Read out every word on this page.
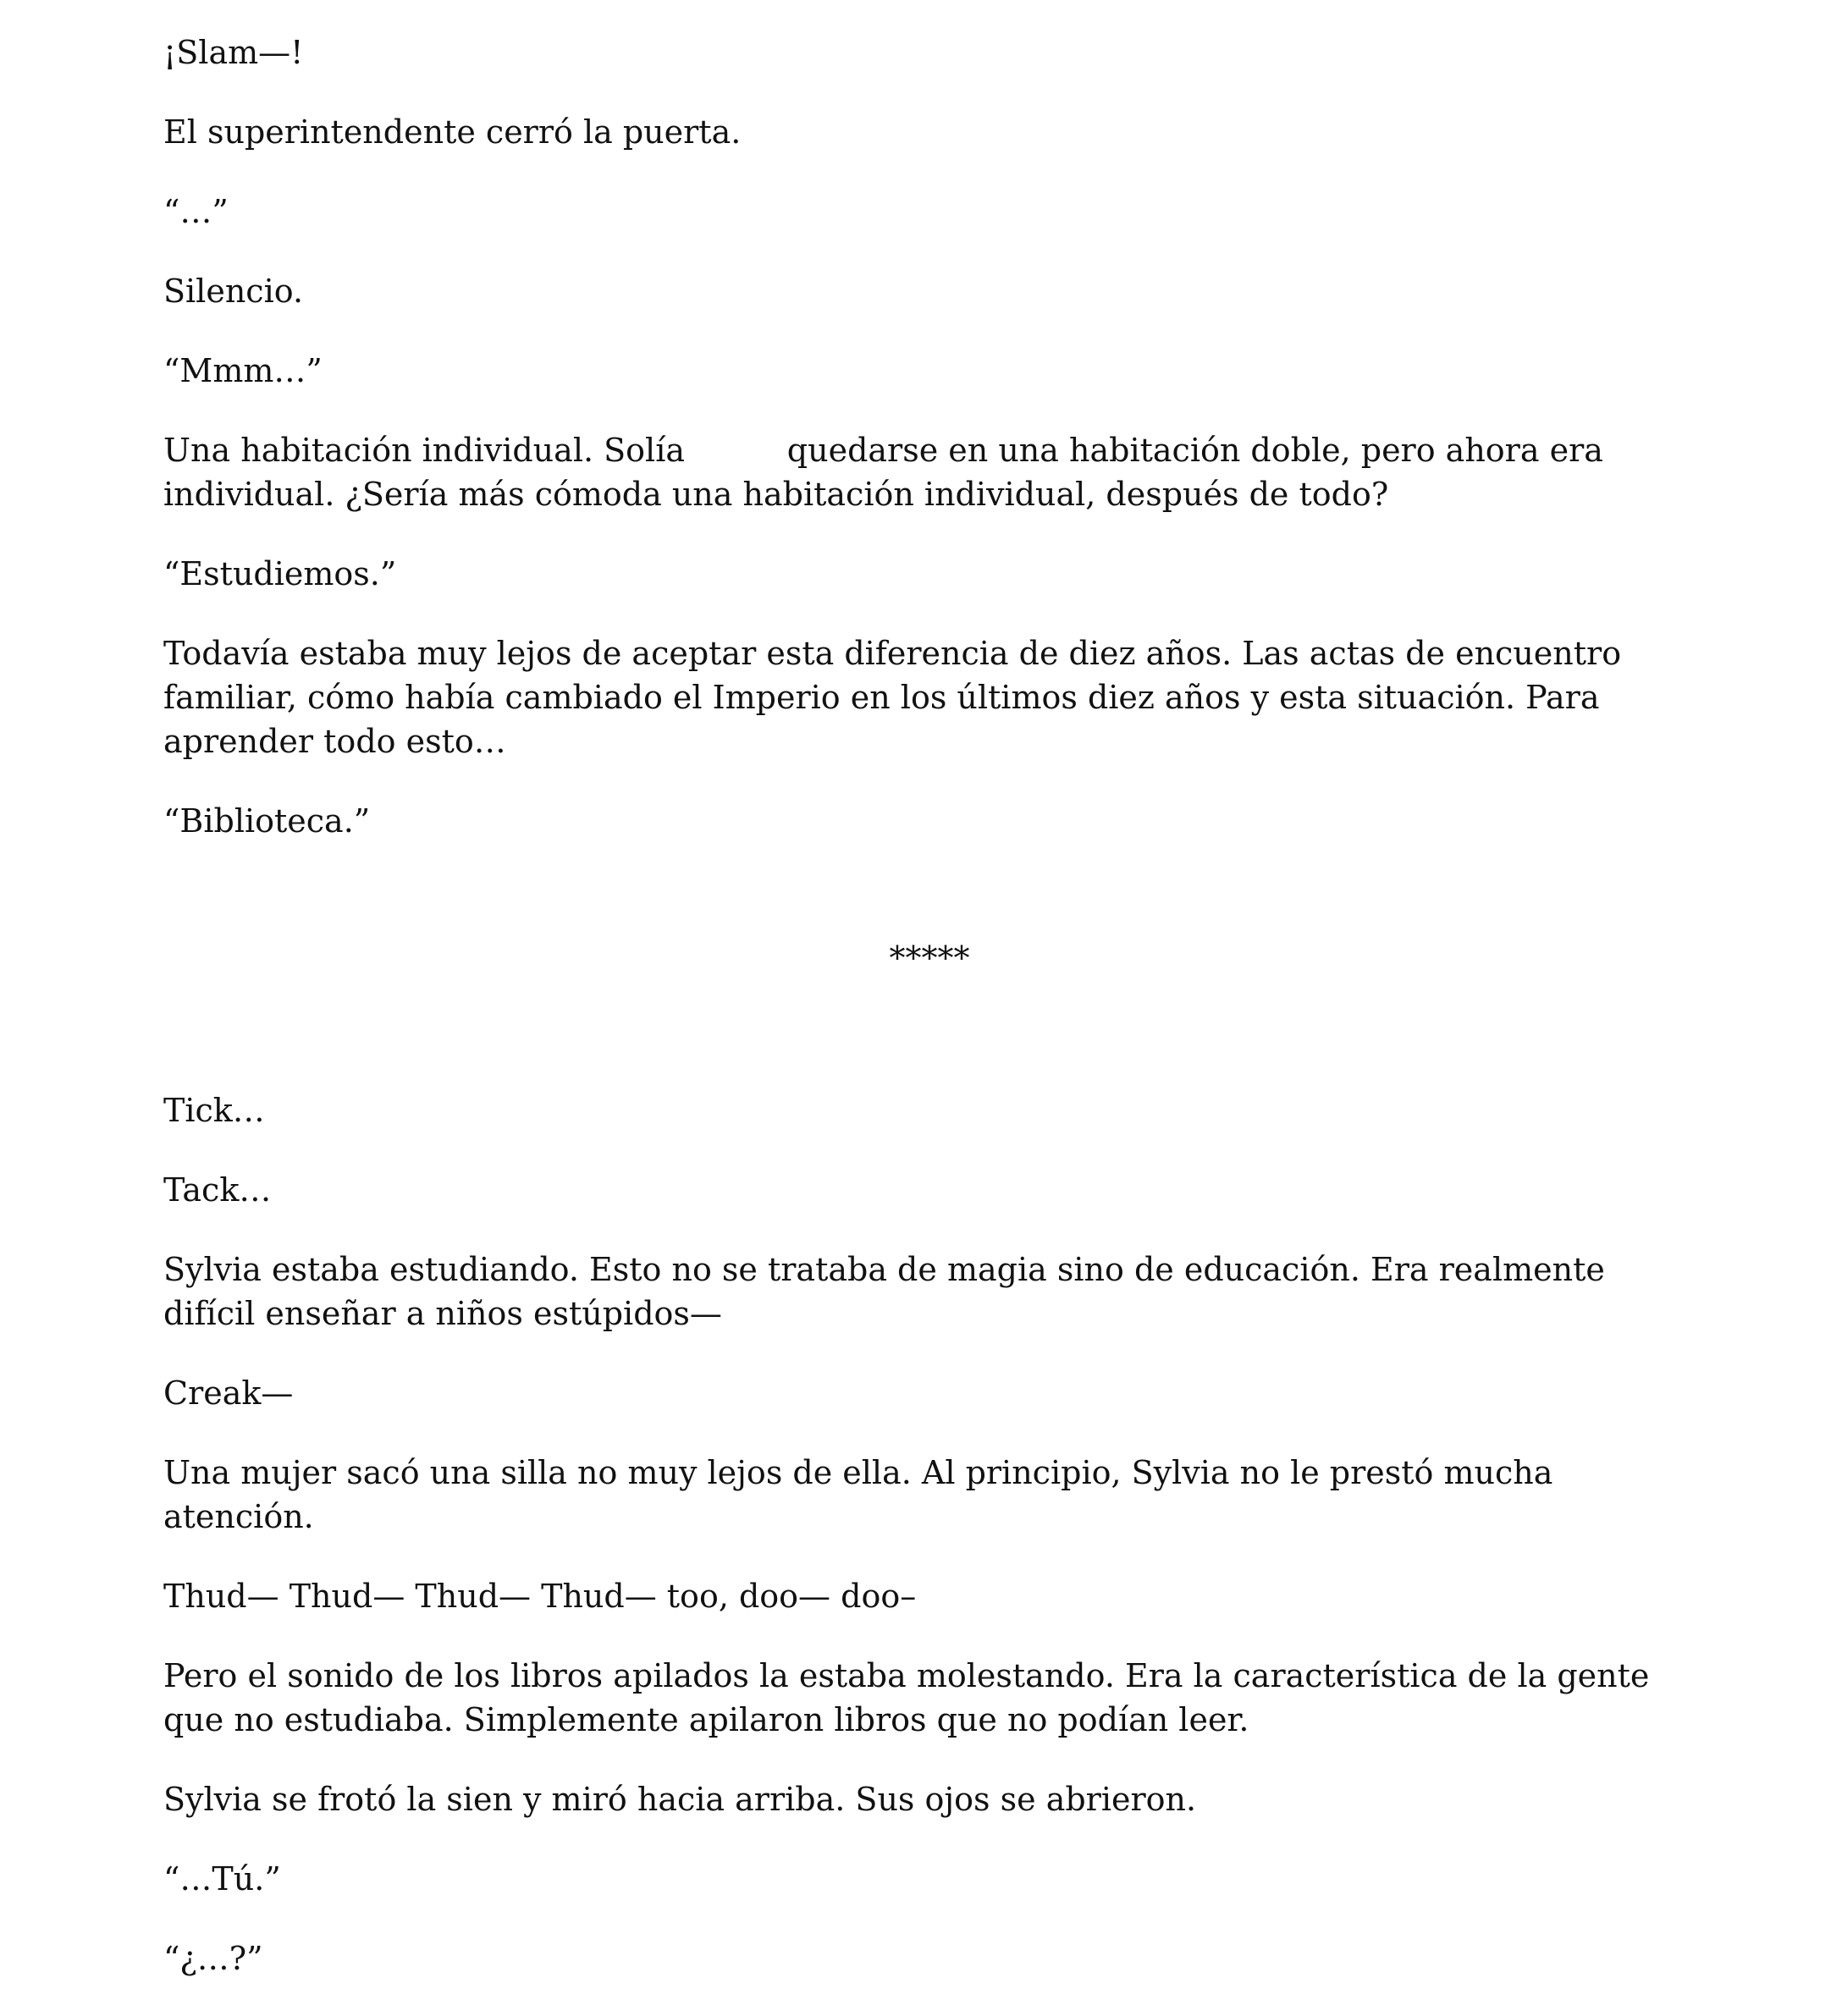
¡Slam—!

El superintendente cerró la puerta.

“…”

Silencio.

“Mmm…”

Una habitación individual. Solía          quedarse en una habitación doble, pero ahora era individual. ¿Sería más cómoda una habitación individual, después de todo?

“Estudiemos.”

Todavía estaba muy lejos de aceptar esta diferencia de diez años. Las actas de encuentro familiar, cómo había cambiado el Imperio en los últimos diez años y esta situación. Para aprender todo esto…

“Biblioteca.”

*****

Tick…

Tack…

Sylvia estaba estudiando. Esto no se trataba de magia sino de educación. Era realmente difícil enseñar a niños estúpidos—

Creak—

Una mujer sacó una silla no muy lejos de ella. Al principio, Sylvia no le prestó mucha atención.

Thud— Thud— Thud— Thud— too, doo— doo–

Pero el sonido de los libros apilados la estaba molestando. Era la característica de la gente que no estudiaba. Simplemente apilaron libros que no podían leer.

Sylvia se frotó la sien y miró hacia arriba. Sus ojos se abrieron.

“…Tú.”

“¿…?”
